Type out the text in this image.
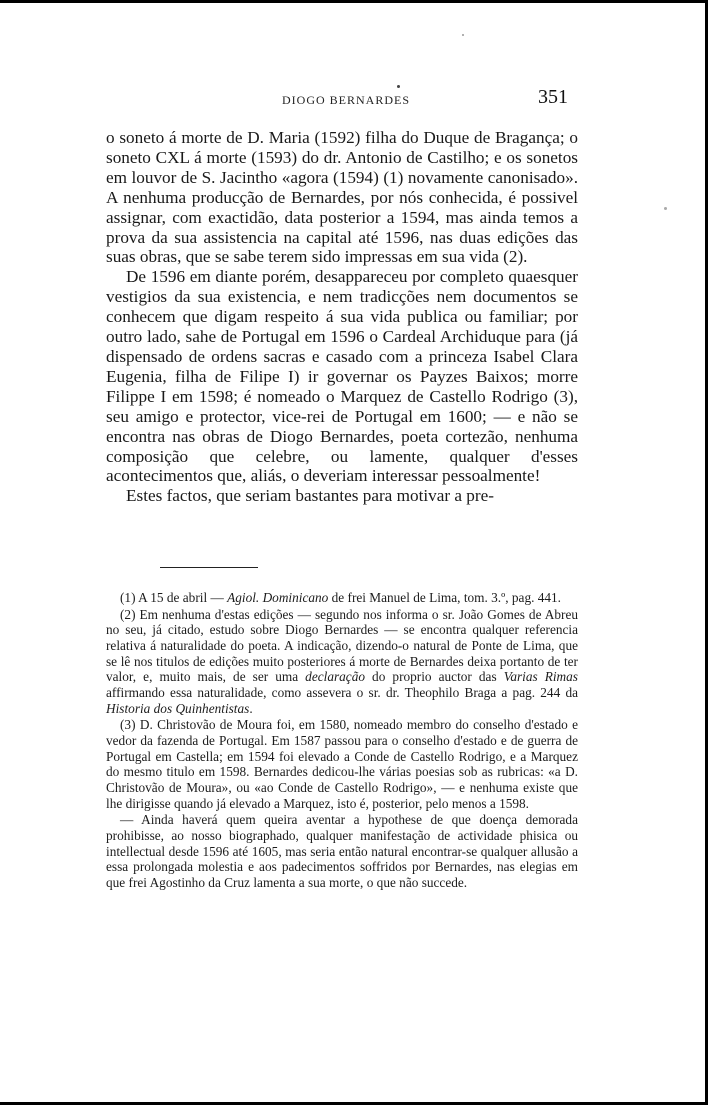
DIOGO BERNARDES	351

o soneto á morte de D. Maria (1592) filha do Duque de Bragança; o soneto CXL á morte (1593) do dr. Antonio de Castilho; e os sonetos em louvor de S. Jacintho «agora (1594) (1) novamente canonisado». A nenhuma producção de Bernardes, por nós conhecida, é possivel assignar, com exactidão, data posterior a 1594, mas ainda temos a prova da sua assistencia na capital até 1596, nas duas edições das suas obras, que se sabe terem sido impressas em sua vida (2).

De 1596 em diante porém, desappareceu por completo quaesquer vestigios da sua existencia, e nem tradicções nem documentos se conhecem que digam respeito á sua vida publica ou familiar; por outro lado, sahe de Portugal em 1596 o Cardeal Archiduque para (já dispensado de ordens sacras e casado com a princeza Isabel Clara Eugenia, filha de Filipe I) ir governar os Payzes Baixos; morre Filippe I em 1598; é nomeado o Marquez de Castello Rodrigo (3), seu amigo e protector, vice-rei de Portugal em 1600; — e não se encontra nas obras de Diogo Bernardes, poeta cortezão, nenhuma composição que celebre, ou lamente, qualquer d'esses acontecimentos que, aliás, o deveriam interessar pessoalmente!

Estes factos, que seriam bastantes para motivar a pre-

(1) A 15 de abril — Agiol. Dominicano de frei Manuel de Lima, tom. 3.º, pag. 441.

(2) Em nenhuma d'estas edições — segundo nos informa o sr. João Gomes de Abreu no seu, já citado, estudo sobre Diogo Bernardes — se encontra qualquer referencia relativa á naturalidade do poeta. A indicação, dizendo-o natural de Ponte de Lima, que se lê nos titulos de edições muito posteriores á morte de Bernardes deixa portanto de ter valor, e, muito mais, de ser uma declaração do proprio auctor das Varias Rimas affirmando essa naturalidade, como assevera o sr. dr. Theophilo Braga a pag. 244 da Historia dos Quinhentistas.

(3) D. Christovão de Moura foi, em 1580, nomeado membro do conselho d'estado e vedor da fazenda de Portugal. Em 1587 passou para o conselho d'estado e de guerra de Portugal em Castella; em 1594 foi elevado a Conde de Castello Rodrigo, e a Marquez do mesmo titulo em 1598. Bernardes dedicou-lhe várias poesias sob as rubricas: «a D. Christovão de Moura», ou «ao Conde de Castello Rodrigo», — e nenhuma existe que lhe dirigisse quando já elevado a Marquez, isto é, posterior, pelo menos a 1598.

— Ainda haverá quem queira aventar a hypothese de que doença demorada prohibisse, ao nosso biographado, qualquer manifestação de actividade phisica ou intellectual desde 1596 até 1605, mas seria então natural encontrar-se qualquer allusão a essa prolongada molestia e aos padecimentos soffridos por Bernardes, nas elegias em que frei Agostinho da Cruz lamenta a sua morte, o que não succede.
